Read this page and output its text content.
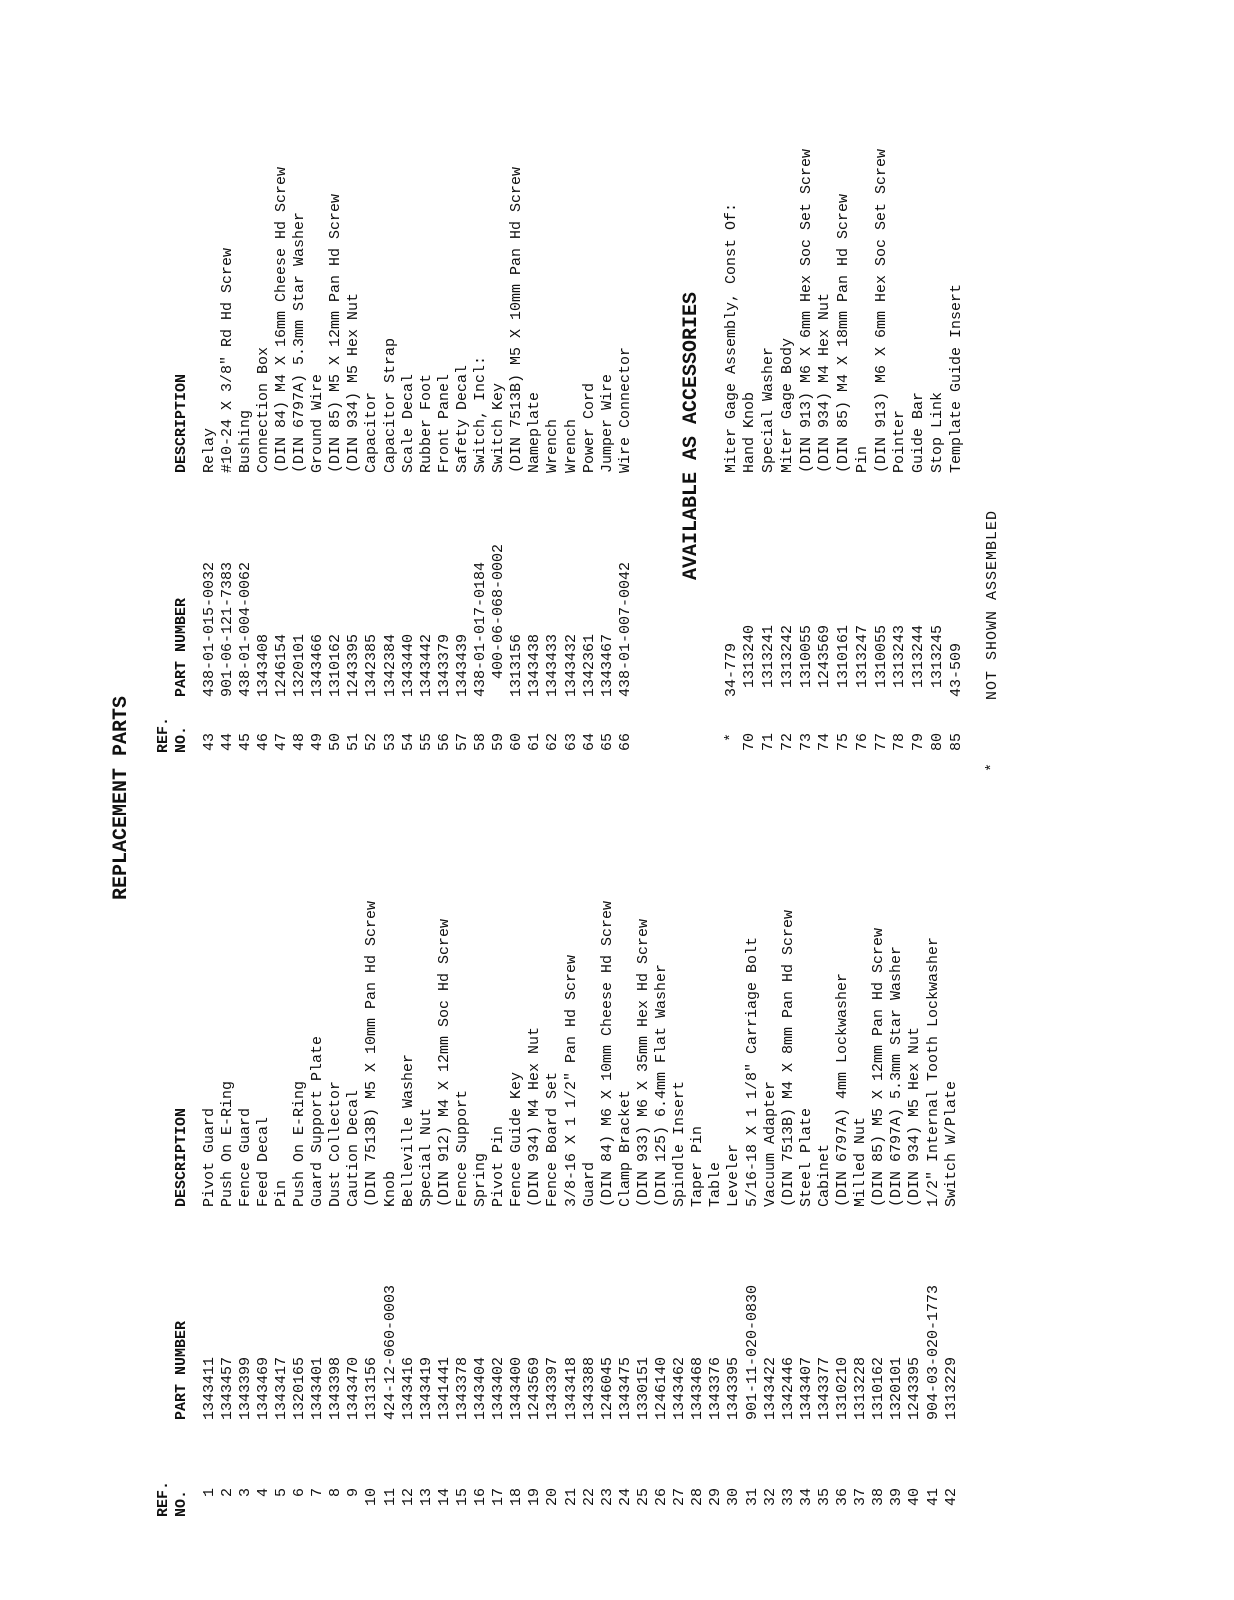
REPLACEMENT PARTS
REF. NO.
PART NUMBER
DESCRIPTION
REF. NO.
PART NUMBER
DESCRIPTION
1
1343411
Pivot Guard
2
1343457
Push On E-Ring
3
1343399
Fence Guard
4
1343469
Feed Decal
5
1343417
Pin
6
1320165
Push On E-Ring
7
1343401
Guard Support Plate
8
1343398
Dust Collector
9
1343470
Caution Decal
10
1313156
(DIN 7513B) M5 X 10mm Pan Hd Screw
11
424-12-060-0003
Knob
12
1343416
Belleville Washer
13
1343419
Special Nut
14
1341441
(DIN 912) M4 X 12mm Soc Hd Screw
15
1343378
Fence Support
16
1343404
Spring
17
1343402
Pivot Pin
18
1343400
Fence Guide Key
19
1243569
(DIN 934) M4 Hex Nut
20
1343397
Fence Board Set
21
1343418
3/8-16 X 1 1/2" Pan Hd Screw
22
1343388
Guard
23
1246045
(DIN 84) M6 X 10mm Cheese Hd Screw
24
1343475
Clamp Bracket
25
1330151
(DIN 933) M6 X 35mm Hex Hd Screw
26
1246140
(DIN 125) 6.4mm Flat Washer
27
1343462
Spindle Insert
28
1343468
Taper Pin
29
1343376
Table
30
1343395
Leveler
31
901-11-020-0830
5/16-18 X 1 1/8" Carriage Bolt
32
1343422
Vacuum Adapter
33
1342446
(DIN 7513B) M4 X 8mm Pan Hd Screw
34
1343407
Steel Plate
35
1343377
Cabinet
36
1310210
(DIN 6797A) 4mm Lockwasher
37
1313228
Milled Nut
38
1310162
(DIN 85) M5 X 12mm Pan Hd Screw
39
1320101
(DIN 6797A) 5.3mm Star Washer
40
1243395
(DIN 934) M5 Hex Nut
41
904-03-020-1773
1/2" Internal Tooth Lockwasher
42
1313229
Switch W/Plate
43
438-01-015-0032
Relay
44
901-06-121-7383
#10-24 X 3/8" Rd Hd Screw
45
438-01-004-0062
Bushing
46
1343408
Connection Box
47
1246154
(DIN 84) M4 X 16mm Cheese Hd Screw
48
1320101
(DIN 6797A) 5.3mm Star Washer
49
1343466
Ground Wire
50
1310162
(DIN 85) M5 X 12mm Pan Hd Screw
51
1243395
(DIN 934) M5 Hex Nut
52
1342385
Capacitor
53
1342384
Capacitor Strap
54
1343440
Scale Decal
55
1343442
Rubber Foot
56
1343379
Front Panel
57
1343439
Safety Decal
58
438-01-017-0184
Switch, Incl:
59
400-06-068-0002
Switch Key
60
1313156
(DIN 7513B) M5 X 10mm Pan Hd Screw
61
1343438
Nameplate
62
1343433
Wrench
63
1343432
Wrench
64
1342361
Power Cord
65
1343467
Jumper Wire
66
438-01-007-0042
Wire Connector AVAILABLE AS ACCESSORIES
*
34-779
Miter Gage Assembly, Const Of:
70
1313240
Hand Knob
71
1313241
Special Washer
72
1313242
Miter Gage Body
73
1310055
(DIN 913) M6 X 6mm Hex Soc Set Screw
74
1243569
(DIN 934) M4 Hex Nut
75
1310161
(DIN 85) M4 X 18mm Pan Hd Screw
76
1313247
Pin
77
1310055
(DIN 913) M6 X 6mm Hex Soc Set Screw
78
1313243
Pointer
79
1313244
Guide Bar
80
1313245
Stop Link
85
43-509
Template Guide Insert
*
NOT SHOWN ASSEMBLED
